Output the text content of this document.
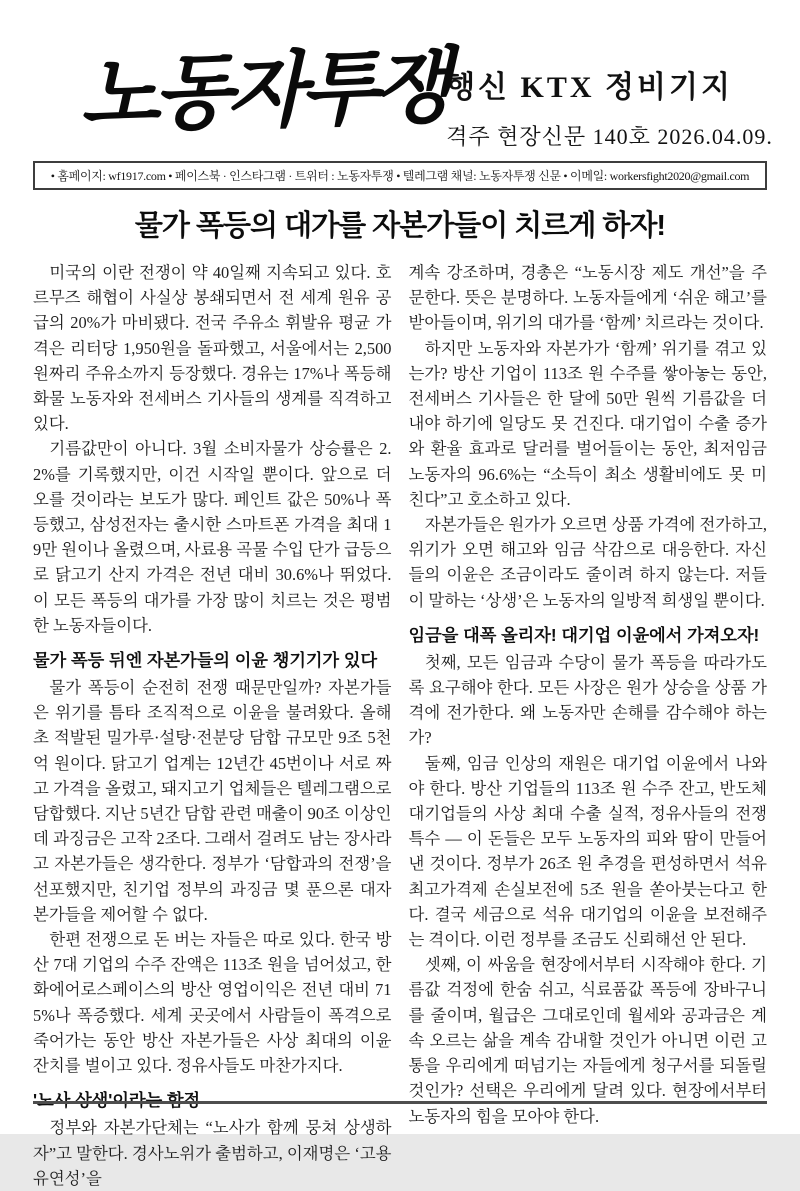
노동자투쟁
행신 KTX 정비기지
격주 현장신문 140호 2026.04.09.
• 홈페이지: wf1917.com • 페이스북 · 인스타그램 · 트위터 : 노동자투쟁 • 텔레그램 채널: 노동자투쟁 신문 • 이메일: workersfight2020@gmail.com
물가 폭등의 대가를 자본가들이 치르게 하자!

미국의 이란 전쟁이 약 40일째 지속되고 있다. 호르무즈 해협이 사실상 봉쇄되면서 전 세계 원유 공급의 20%가 마비됐다. 전국 주유소 휘발유 평균 가격은 리터당 1,950원을 돌파했고, 서울에서는 2,500원짜리 주유소까지 등장했다. 경유는 17%나 폭등해 화물 노동자와 전세버스 기사들의 생계를 직격하고 있다.

기름값만이 아니다. 3월 소비자물가 상승률은 2.2%를 기록했지만, 이건 시작일 뿐이다. 앞으로 더 오를 것이라는 보도가 많다. 페인트 값은 50%나 폭등했고, 삼성전자는 출시한 스마트폰 가격을 최대 19만 원이나 올렸으며, 사료용 곡물 수입 단가 급등으로 닭고기 산지 가격은 전년 대비 30.6%나 뛰었다. 이 모든 폭등의 대가를 가장 많이 치르는 것은 평범한 노동자들이다.

물가 폭등 뒤엔 자본가들의 이윤 챙기기가 있다

물가 폭등이 순전히 전쟁 때문만일까? 자본가들은 위기를 틈타 조직적으로 이윤을 불려왔다. 올해 초 적발된 밀가루·설탕·전분당 담합 규모만 9조 5천억 원이다. 닭고기 업계는 12년간 45번이나 서로 짜고 가격을 올렸고, 돼지고기 업체들은 텔레그램으로 담합했다. 지난 5년간 담합 관련 매출이 90조 이상인데 과징금은 고작 2조다. 그래서 걸려도 남는 장사라고 자본가들은 생각한다. 정부가 ‘담합과의 전쟁’을 선포했지만, 친기업 정부의 과징금 몇 푼으론 대자본가들을 제어할 수 없다.

한편 전쟁으로 돈 버는 자들은 따로 있다. 한국 방산 7대 기업의 수주 잔액은 113조 원을 넘어섰고, 한화에어로스페이스의 방산 영업이익은 전년 대비 715%나 폭증했다. 세계 곳곳에서 사람들이 폭격으로 죽어가는 동안 방산 자본가들은 사상 최대의 이윤 잔치를 벌이고 있다. 정유사들도 마찬가지다.

'노사 상생'이라는 함정

정부와 자본가단체는 “노사가 함께 뭉쳐 상생하자”고 말한다. 경사노위가 출범하고, 이재명은 ‘고용 유연성’을

계속 강조하며, 경총은 “노동시장 제도 개선”을 주문한다. 뜻은 분명하다. 노동자들에게 ‘쉬운 해고’를 받아들이며, 위기의 대가를 ‘함께’ 치르라는 것이다.

하지만 노동자와 자본가가 ‘함께’ 위기를 겪고 있는가? 방산 기업이 113조 원 수주를 쌓아놓는 동안, 전세버스 기사들은 한 달에 50만 원씩 기름값을 더 내야 하기에 일당도 못 건진다. 대기업이 수출 증가와 환율 효과로 달러를 벌어들이는 동안, 최저임금 노동자의 96.6%는 “소득이 최소 생활비에도 못 미친다”고 호소하고 있다.

자본가들은 원가가 오르면 상품 가격에 전가하고, 위기가 오면 해고와 임금 삭감으로 대응한다. 자신들의 이윤은 조금이라도 줄이려 하지 않는다. 저들이 말하는 ‘상생’은 노동자의 일방적 희생일 뿐이다.

임금을 대폭 올리자! 대기업 이윤에서 가져오자!

첫째, 모든 임금과 수당이 물가 폭등을 따라가도록 요구해야 한다. 모든 사장은 원가 상승을 상품 가격에 전가한다. 왜 노동자만 손해를 감수해야 하는가?

둘째, 임금 인상의 재원은 대기업 이윤에서 나와야 한다. 방산 기업들의 113조 원 수주 잔고, 반도체 대기업들의 사상 최대 수출 실적, 정유사들의 전쟁 특수 — 이 돈들은 모두 노동자의 피와 땀이 만들어낸 것이다. 정부가 26조 원 추경을 편성하면서 석유 최고가격제 손실보전에 5조 원을 쏟아붓는다고 한다. 결국 세금으로 석유 대기업의 이윤을 보전해주는 격이다. 이런 정부를 조금도 신뢰해선 안 된다.

셋째, 이 싸움을 현장에서부터 시작해야 한다. 기름값 걱정에 한숨 쉬고, 식료품값 폭등에 장바구니를 줄이며, 월급은 그대로인데 월세와 공과금은 계속 오르는 삶을 계속 감내할 것인가 아니면 이런 고통을 우리에게 떠넘기는 자들에게 청구서를 되돌릴 것인가? 선택은 우리에게 달려 있다. 현장에서부터 노동자의 힘을 모아야 한다.
